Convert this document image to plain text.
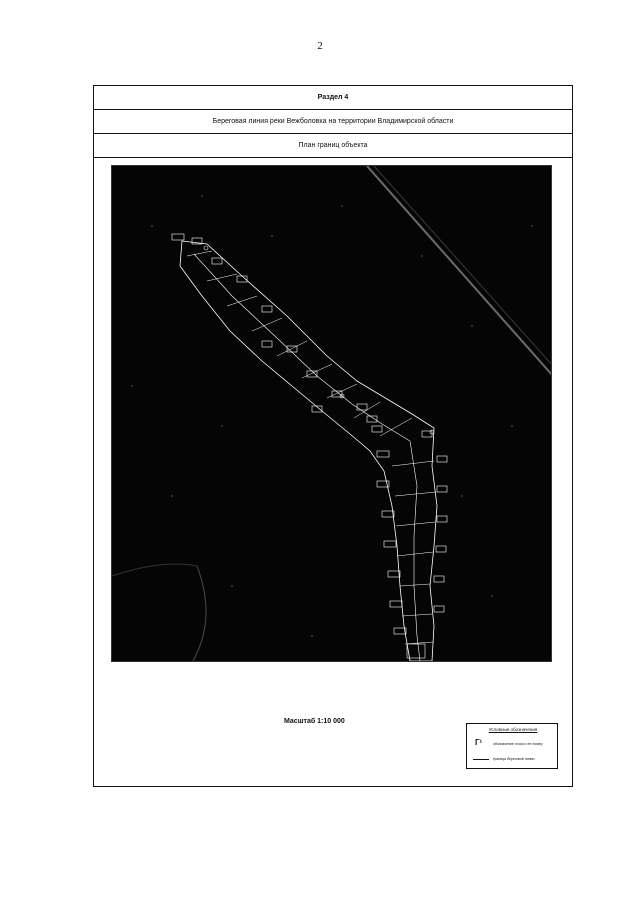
2
Раздел 4
Береговая линия реки Вежболовка на территории Владимирской области
План границ объекта
Масштаб 1:10 000
Условные обозначения
Г¹	обозначение точки и ее номер
граница береговой линии
